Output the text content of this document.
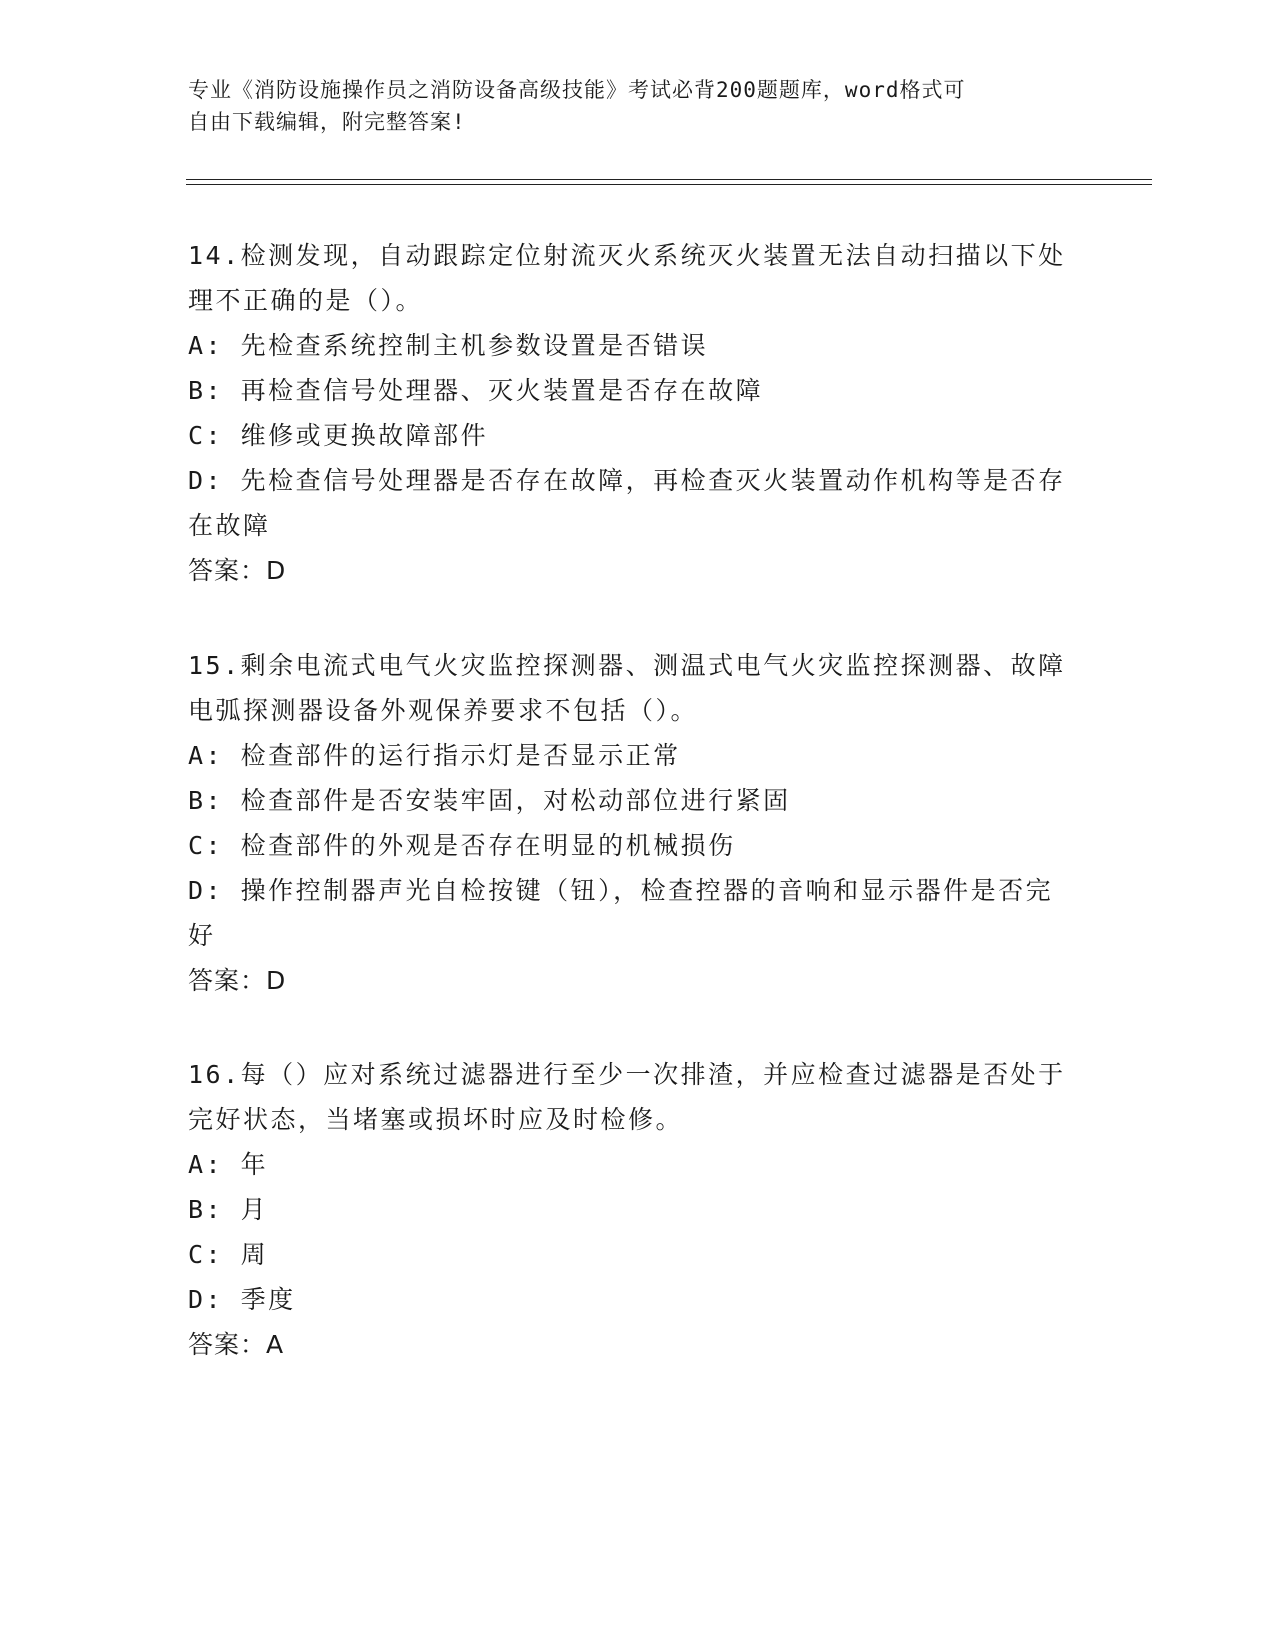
专业《消防设施操作员之消防设备高级技能》考试必背200题题库，word格式可
自由下载编辑，附完整答案!

14.检测发现，自动跟踪定位射流灭火系统灭火装置无法自动扫描以下处理不正确的是（）。

A: 先检查系统控制主机参数设置是否错误

B: 再检查信号处理器、灭火装置是否存在故障

C: 维修或更换故障部件

D: 先检查信号处理器是否存在故障，再检查灭火装置动作机构等是否存在故障

答案：D

15.剩余电流式电气火灾监控探测器、测温式电气火灾监控探测器、故障电弧探测器设备外观保养要求不包括（）。

A: 检查部件的运行指示灯是否显示正常

B: 检查部件是否安装牢固，对松动部位进行紧固

C: 检查部件的外观是否存在明显的机械损伤

D: 操作控制器声光自检按键（钮），检查控器的音响和显示器件是否完好

答案：D

16.每（）应对系统过滤器进行至少一次排渣，并应检查过滤器是否处于完好状态，当堵塞或损坏时应及时检修。

A: 年

B: 月

C: 周

D: 季度

答案：A
